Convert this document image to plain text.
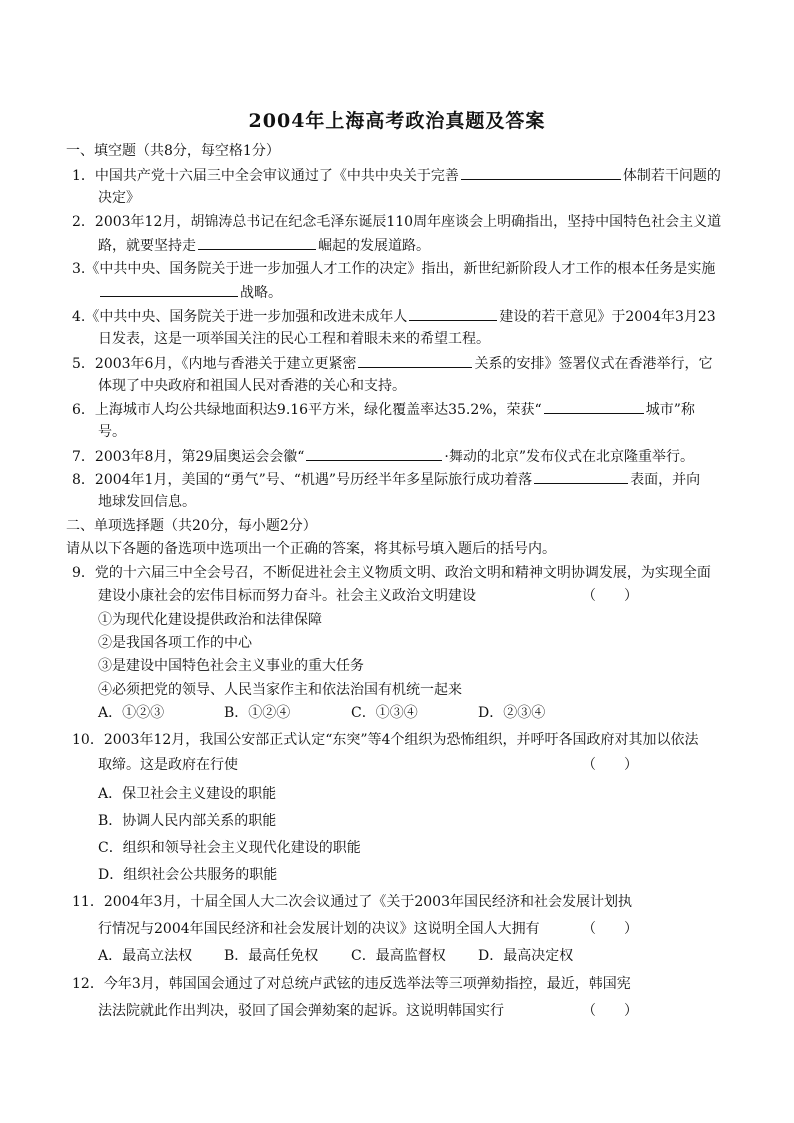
2004年上海高考政治真题及答案
一、填空题（共8分，每空格1分）
1．中国共产党十六届三中全会审议通过了《中共中央关于完善	体制若干问题的
决定》
2．2003年12月，胡锦涛总书记在纪念毛泽东诞辰110周年座谈会上明确指出，坚持中国特色社会主义道
路，就要坚持走	崛起的发展道路。
3.《中共中央、国务院关于进一步加强人才工作的决定》指出，新世纪新阶段人才工作的根本任务是实施
战略。
4.《中共中央、国务院关于进一步加强和改进未成年人	建设的若干意见》于2004年3月23
日发表，这是一项举国关注的民心工程和着眼未来的希望工程。
5．2003年6月，《内地与香港关于建立更紧密	关系的安排》签署仪式在香港举行，它
体现了中央政府和祖国人民对香港的关心和支持。
6．上海城市人均公共绿地面积达9.16平方米，绿化覆盖率达35.2%，荣获“	城市”称
号。
7．2003年8月，第29届奥运会会徽“	·舞动的北京”发布仪式在北京隆重举行。
8．2004年1月，美国的“勇气”号、“机遇”号历经半年多星际旅行成功着落	表面，并向
地球发回信息。
二、单项选择题（共20分，每小题2分）
请从以下各题的备选项中选项出一个正确的答案，将其标号填入题后的括号内。
9．党的十六届三中全会号召，不断促进社会主义物质文明、政治文明和精神文明协调发展，为实现全面
建设小康社会的宏伟目标而努力奋斗。社会主义政治文明建设	（　　）
①为现代化建设提供政治和法律保障
②是我国各项工作的中心
③是建设中国特色社会主义事业的重大任务
④必须把党的领导、人民当家作主和依法治国有机统一起来
A．①②③	B．①②④	C．①③④	D．②③④
10．2003年12月，我国公安部正式认定“东突”等4个组织为恐怖组织，并呼吁各国政府对其加以依法
取缔。这是政府在行使	（　　）
A．保卫社会主义建设的职能
B．协调人民内部关系的职能
C．组织和领导社会主义现代化建设的职能
D．组织社会公共服务的职能
11．2004年3月，十届全国人大二次会议通过了《关于2003年国民经济和社会发展计划执
行情况与2004年国民经济和社会发展计划的决议》这说明全国人大拥有	（　　）
A．最高立法权 B．最高任免权 C．最高监督权 D．最高决定权
12．今年3月，韩国国会通过了对总统卢武铉的违反选举法等三项弹劾指控，最近，韩国宪
法法院就此作出判决，驳回了国会弹劾案的起诉。这说明韩国实行	（　　）
